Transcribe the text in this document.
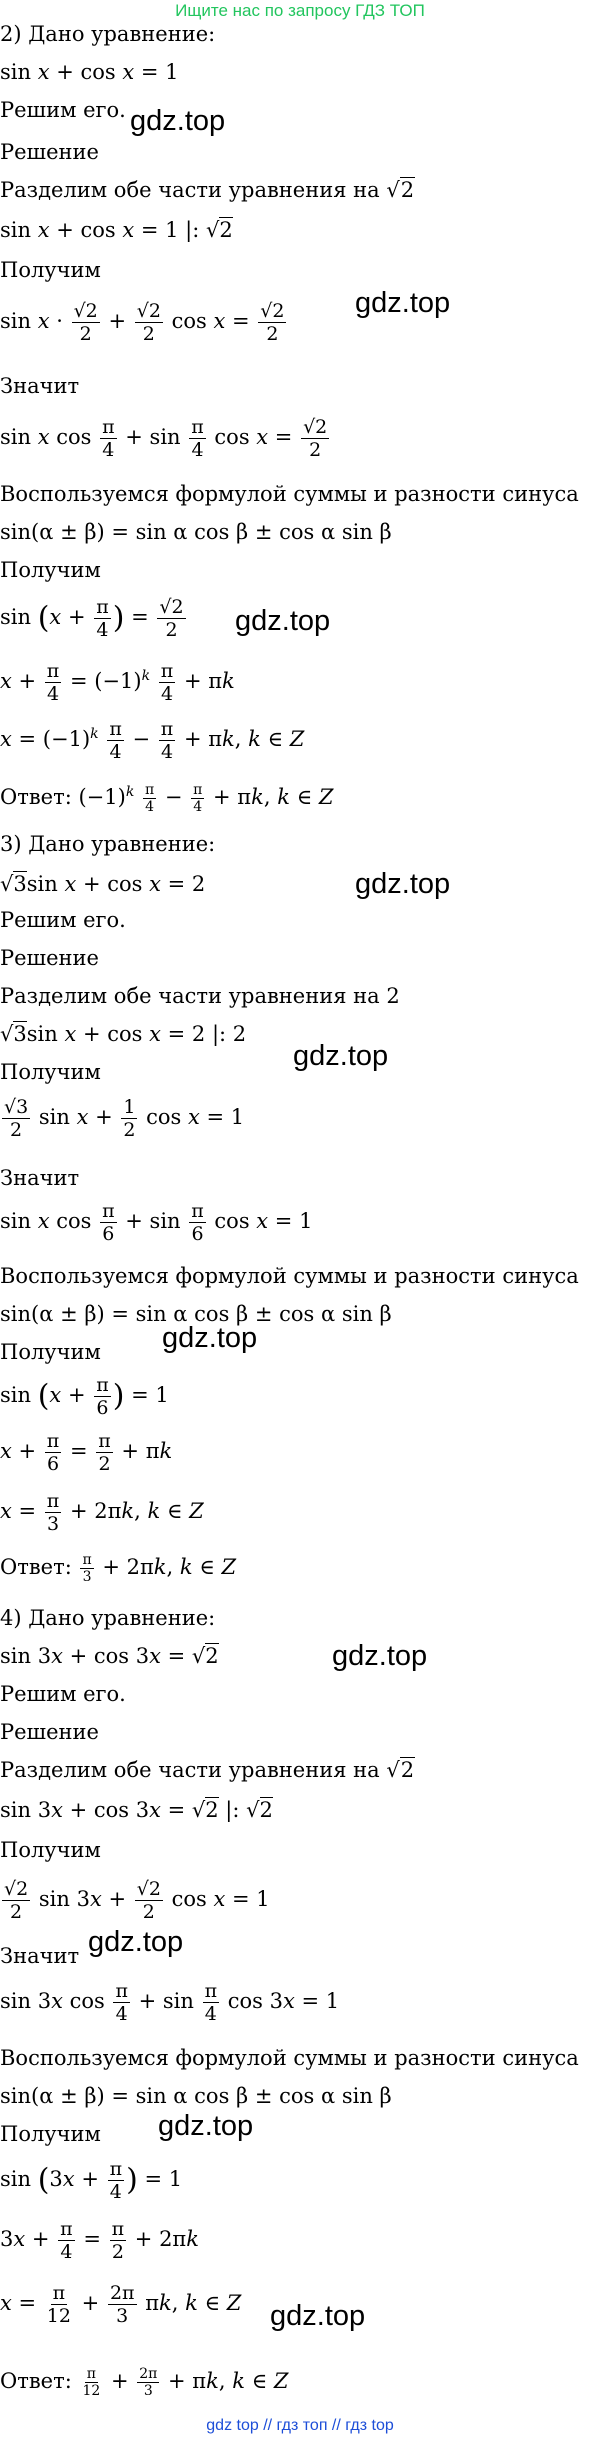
Ищите нас по запросу ГДЗ ТОП
2) Дано уравнение:
sin x + cos x = 1
Решим его. gdz.top
Решение
Разделим обе части уравнения на √2
sin x + cos x = 1 |: √2
Получим
$\sin x \cdot \frac{√2}{2} + \frac{√2}{2}$ $\cos x = \frac{√2}{2} gdz.top$
Значит
sin x $\cos \frac{\pi}{4} + \sin \frac{\pi}{4}$ $\cos x = \frac{√2}{2}$
Воспользуемся формулой суммы и разности синуса
sin(α ± β) = sin α cos β ± cos α sin β
Получим
$\sin (x + \frac{\pi}{4}$ ) = $\frac{√2}{2} gdz.top$
$x + \frac{\pi}{4} = (-1)^k \frac{\pi}{4} + \pi k$
$x = (-1)^k \frac{\pi}{4} - \frac{\pi}{4} + \pi k$, k ∈ Z
Ответ: $(-1)^k \frac{\pi}{4} - \frac{\pi}{4} + \pi k$, k ∈ Z
3) Дано уравнение:
√3sin x + cos x = 2	gdz.top
Решим его.
Решение
Разделим обе части уравнения на 2
√3sin x + cos x = 2 |: 2
Получим	gdz.top
$\frac{√3}{2}$ $\sin x + \frac{1}{2}$ cos x = 1
Значит
sin x $\cos \frac{\pi}{6} + \sin \frac{\pi}{6}$ cos x = 1
Воспользуемся формулой суммы и разности синуса
sin(α ± β) = sin α cos β ± cos α sin β
Получим gdz.top
$\sin (x + \frac{\pi}{6}$ ) = 1
$x + \frac{\pi}{6} = \frac{\pi}{2} + \pi k$
$x = \frac{\pi}{3} + 2\pi k$, k ∈ Z
Ответ: $\frac{\pi}{3} + 2\pi k$, k ∈ Z
4) Дано уравнение:
sin 3x + cos 3x = √2	gdz.top
Решим его.
Решение
Разделим обе части уравнения на √2
sin 3x + cos 3x = √2 |: √2
Получим
$\frac{√2}{2}$ $\sin 3x + \frac{√2}{2}$ cos x = 1
Значит gdz.top
sin 3x $\cos \frac{\pi}{4} + \sin \frac{\pi}{4}$ cos 3x = 1
Воспользуемся формулой суммы и разности синуса
sin(α ± β) = sin α cos β ± cos α sin β
Получим gdz.top
$\sin (3x + \frac{\pi}{4}$ ) = 1
$3x + \frac{\pi}{4} = \frac{\pi}{2} + 2\pi k$
$x = \frac{\pi}{12} + \frac{2\pi}{3} \pi k$, k ∈ Z gdz.top
Ответ: $\frac{\pi}{12} + \frac{2\pi}{3} + \pi k$, k ∈ Z
gdz top // гдз топ // гдз top
